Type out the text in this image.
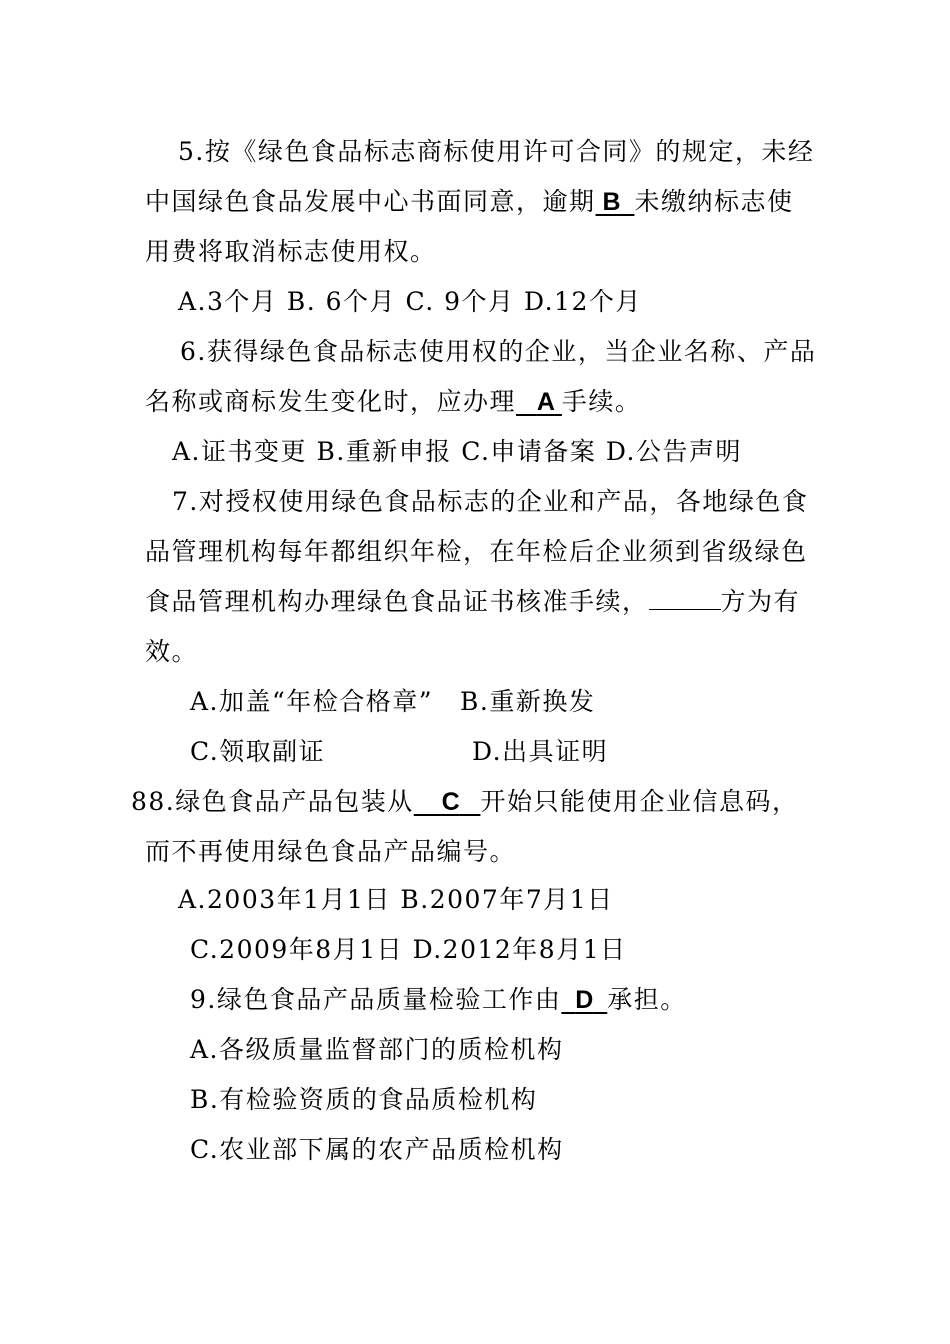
5.按《绿色食品标志商标使用许可合同》的规定，未经
中国绿色食品发展中心书面同意，逾期 B 未缴纳标志使
用费将取消标志使用权。
A.3个月 B. 6个月 C. 9个月 D.12个月
6.获得绿色食品标志使用权的企业，当企业名称、产品
名称或商标发生变化时，应办理 A 手续。
A.证书变更 B.重新申报 C.申请备案 D.公告声明
7.对授权使用绿色食品标志的企业和产品，各地绿色食
品管理机构每年都组织年检，在年检后企业须到省级绿色
食品管理机构办理绿色食品证书核准手续，	方为有
效。
A.加盖“年检合格章” B.重新换发
C.领取副证	D.出具证明
88.绿色食品产品包装从 C 开始只能使用企业信息码，
而不再使用绿色食品产品编号。
A.2003年1月1日 B.2007年7月1日
C.2009年8月1日 D.2012年8月1日
9.绿色食品产品质量检验工作由 D 承担。
A.各级质量监督部门的质检机构
B.有检验资质的食品质检机构
C.农业部下属的农产品质检机构
